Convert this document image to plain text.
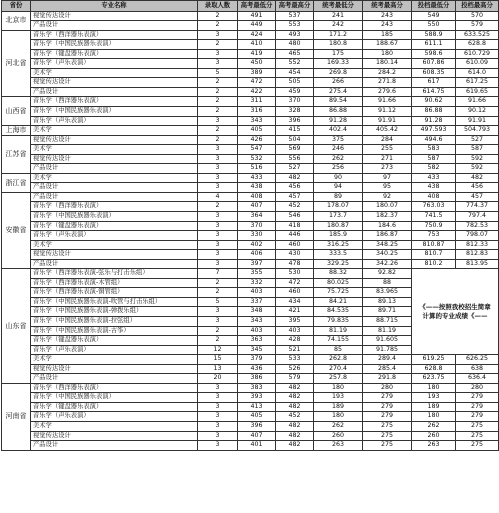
省份	专业名称	录取人数	高考最低分	高考最高分	统考最低分	统考最高分	投档最低分	投档最高分
北京市	视觉传达设计	2	491	537	241	243	549	570
	产品设计	2	449	553	242	243	550	579
河北省	音乐学（西洋器乐表演）	3	424	493	171.2	185	588.9	633.525
	音乐学（中国民族器乐表演）	2	410	480	180.8	188.67	611.1	628.8
	音乐学（键盘器乐表演）	3	419	465	175	180	598.6	610.729
	音乐学（声乐表演）	3	450	552	169.33	180.14	607.86	610.09
	美术学	5	389	454	269.8	284.2	608.35	614.0
	视觉传达设计	2	472	505	266	271.8	617	617.25
	产品设计	2	422	459	275.4	279.6	614.75	619.65
山西省	音乐学（西洋器乐表演）	2	311	370	89.54	91.66	90.62	91.66
	音乐学（中国民族器乐表演）	2	316	328	86.88	91.12	86.88	90.12
	音乐学（声乐表演）	3	343	396	91.28	91.91	91.28	91.91
上海市	美术学	2	405	415	402.4	405.42	497.593	504.793
江苏省	视觉传达设计	2	426	504	375	284	494.6	527
	美术学	3	547	569	246	255	583	587
	视觉传达设计	3	532	556	262	271	587	592
	产品设计	3	516	527	256	273	582	592
浙江省	美术学	3	433	482	90	97	433	482
	产品设计	3	438	456	94	95	438	456
安徽省	产品设计	4	408	457	89	92	408	457
	音乐学（西洋器乐表演）	2	407	452	178.07	180.07	763.03	774.37
	音乐学（中国民族器乐表演）	3	364	546	173.7	182.37	741.5	797.4
	音乐学（键盘器乐表演）	3	370	418	180.87	184.6	750.9	782.53
	音乐学（声乐表演）	3	330	446	185.9	186.87	753	798.07
	美术学	3	402	460	316.25	348.25	810.87	812.33
	视觉传达设计	3	406	430	333.5	340.25	810.7	812.83
	产品设计	3	397	478	329.25	342.26	810.2	813.95
山东省	音乐学（西洋器乐表演-弦乐与打击乐组）	7	355	530	88.32	92.82	《——按照我校招生简章计算的专业成绩《——	
	音乐学（西洋器乐表演-木管组）	2	332	472	80.025	88		
	音乐学（西洋器乐表演-铜管组）	2	403	460	75.725	83.965		
	音乐学（中国民族器乐表演-吹管与打击乐组）	5	337	434	84.21	89.13		
	音乐学（中国民族器乐表演-弹拨乐组）	3	348	421	84.535	89.71		
	音乐学（中国民族器乐表演-拉弦组）	3	343	395	79.835	88.715		
	音乐学（中国民族器乐表演-古筝）	2	403	403	81.19	81.19		
	音乐学（键盘器乐表演）	2	363	428	74.155	91.605		
	音乐学（声乐表演）	12	345	521	85	91.785		
	美术学	15	379	533	262.8	289.4	619.25	626.25
	视觉传达设计	13	436	526	270.4	285.4	628.8	638
	产品设计	20	386	579	257.8	291.8	623.75	636.4
河南省	音乐学（西洋器乐表演）	3	383	482	180	280	180	280
	音乐学（中国民族器乐表演）	3	393	482	193	279	193	279
	音乐学（键盘器乐表演）	3	413	482	189	279	189	279
	音乐学（声乐表演）	3	405	452	180	279	180	279
	美术学	3	396	482	262	275	262	275
	视觉传达设计	3	407	482	260	275	260	275
	产品设计	3	401	482	263	275	263	275
